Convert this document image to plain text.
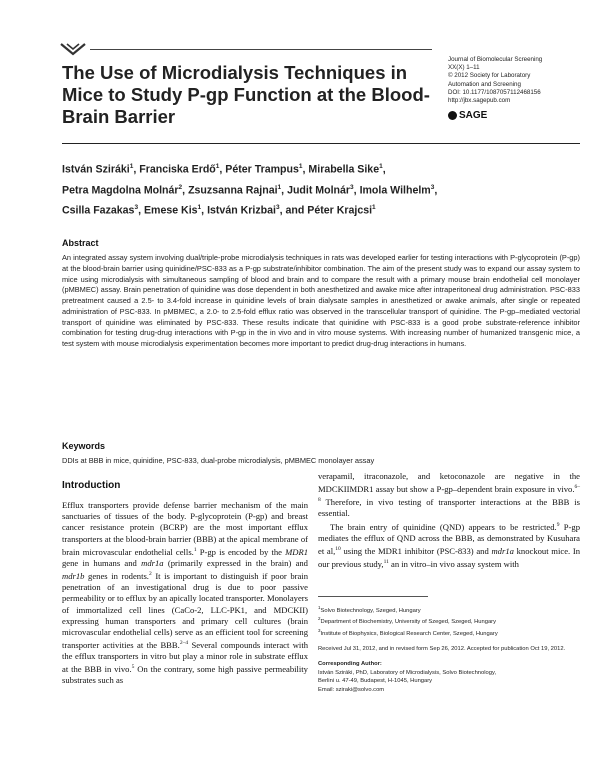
The Use of Microdialysis Techniques in Mice to Study P-gp Function at the Blood-Brain Barrier
Journal of Biomolecular Screening
XX(X) 1–11
© 2012 Society for Laboratory
Automation and Screening
DOI: 10.1177/1087057112468156
http://jbx.sagepub.com
SAGE
István Sziráki$^1$, Franciska Erdő$^1$, Péter Trampus$^1$, Mirabella Sike$^1$,
Petra Magdolna Molnár$^2$, Zsuzsanna Rajnai$^1$, Judit Molnár$^3$, Imola Wilhelm$^3$,
Csilla Fazakas$^3$, Emese Kis$^1$, István Krizbai$^3$, and Péter Krajcsi$^1$
Abstract
An integrated assay system involving dual/triple-probe microdialysis techniques in rats was developed earlier for testing interactions with P-glycoprotein (P-gp) at the blood-brain barrier using quinidine/PSC-833 as a P-gp substrate/inhibitor combination. The aim of the present study was to expand our assay system to mice using microdialysis with simultaneous sampling of blood and brain and to compare the result with a primary mouse brain endothelial cell monolayer (pMBMEC) assay. Brain penetration of quinidine was dose dependent in both anesthetized and awake mice after intraperitoneal drug administration. PSC-833 pretreatment caused a 2.5- to 3.4-fold increase in quinidine levels of brain dialysate samples in anesthetized or awake animals, after single or repeated administration of PSC-833. In pMBMEC, a 2.0- to 2.5-fold efflux ratio was observed in the transcellular transport of quinidine. The P-gp–mediated vectorial transport of quinidine was eliminated by PSC-833. These results indicate that quinidine with PSC-833 is a good probe substrate-reference inhibitor combination for testing drug-drug interactions with P-gp in the in vivo and in vitro mouse systems. With increasing number of humanized transgenic mice, a test system with mouse microdialysis experimentation becomes more important to predict drug-drug interactions in humans.
Keywords
DDIs at BBB in mice, quinidine, PSC-833, dual-probe microdialysis, pMBMEC monolayer assay
Introduction
Efflux transporters provide defense barrier mechanism of the main sanctuaries of tissues of the body. P-glycoprotein (P-gp) and breast cancer resistance protein (BCRP) are the most important efflux transporters at the blood-brain barrier (BBB) at the apical membrane of brain microvascular endothelial cells.$^1$ P-gp is encoded by the MDR1 gene in humans and mdr1a (primarily expressed in the brain) and mdr1b genes in rodents.$^2$ It is important to distinguish if poor brain penetration of an investigational drug is due to poor passive permeability or to efflux by an apically located transporter. Monolayers of immortalized cell lines (CaCo-2, LLC-PK1, and MDCKII) expressing human transporters and primary cell cultures (brain microvascular endothelial cells) serve as an efficient tool for screening transporter activities at the BBB.$^{2-4}$ Several compounds interact with the efflux transporters in vitro but play a minor role in substrate efflux at the BBB in vivo.$^5$ On the contrary, some high passive permeability substrates such as
verapamil, itraconazole, and ketoconazole are negative in the MDCKIIMDR1 assay but show a P-gp–dependent brain exposure in vivo.$^{6-8}$ Therefore, in vivo testing of transporter interactions at the BBB is essential.
The brain entry of quinidine (QND) appears to be restricted.$^9$ P-gp mediates the efflux of QND across the BBB, as demonstrated by Kusuhara et al,$^{10}$ using the MDR1 inhibitor (PSC-833) and mdr1a knockout mice. In our previous study,$^{11}$ an in vitro–in vivo assay system with
$^1$Solvo Biotechnology, Szeged, Hungary
$^2$Department of Biochemistry, University of Szeged, Szeged, Hungary
$^3$Institute of Biophysics, Biological Research Center, Szeged, Hungary
Received Jul 31, 2012, and in revised form Sep 26, 2012. Accepted for publication Oct 19, 2012.
Corresponding Author:
István Sziráki, PhD, Laboratory of Microdialysis, Solvo Biotechnology,
Berlini u. 47-49, Budapest, H-1045, Hungary
Email: sziraki@solvo.com
